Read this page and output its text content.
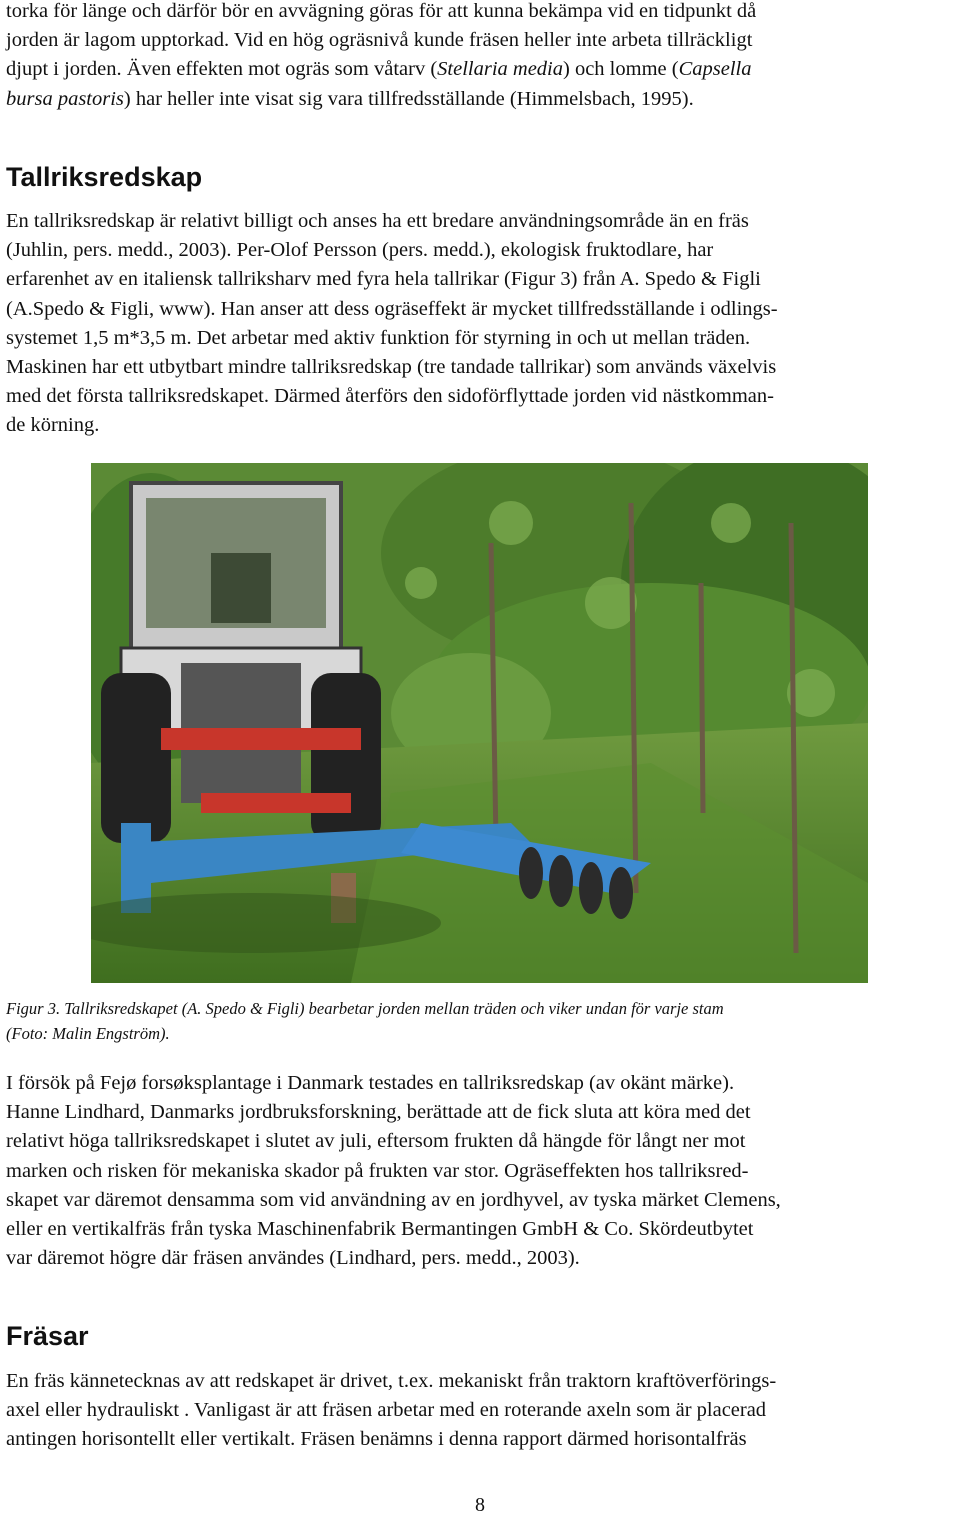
torka för länge och därför bör en avvägning göras för att kunna bekämpa vid en tidpunkt då
jorden är lagom upptorkad. Vid en hög ogräsnivå kunde fräsen heller inte arbeta tillräckligt
djupt i jorden. Även effekten mot ogräs som våtarv (Stellaria media) och lomme (Capsella
bursa pastoris) har heller inte visat sig vara tillfredsställande (Himmelsbach, 1995).
Tallriksredskap
En tallriksredskap är relativt billigt och anses ha ett bredare användningsområde än en fräs
(Juhlin, pers. medd., 2003). Per-Olof Persson (pers. medd.), ekologisk fruktodlare, har
erfarenhet av en italiensk tallriksharv med fyra hela tallrikar (Figur 3) från A. Spedo & Figli
(A.Spedo & Figli, www). Han anser att dess ogräseffekt är mycket tillfredsställande i odlings-
systemet 1,5 m*3,5 m. Det arbetar med aktiv funktion för styrning in och ut mellan träden.
Maskinen har ett utbytbart mindre tallriksredskap (tre tandade tallrikar) som används växelvis
med det första tallriksredskapet. Därmed återförs den sidoförflyttade jorden vid nästkomman-
de körning.
Figur 3. Tallriksredskapet (A. Spedo & Figli) bearbetar jorden mellan träden och viker undan för varje stam
(Foto: Malin Engström).
I försök på Fejø forsøksplantage i Danmark testades en tallriksredskap (av okänt märke).
Hanne Lindhard, Danmarks jordbruksforskning, berättade att de fick sluta att köra med det
relativt höga tallriksredskapet i slutet av juli, eftersom frukten då hängde för långt ner mot
marken och risken för mekaniska skador på frukten var stor. Ogräseffekten hos tallriksred-
skapet var däremot densamma som vid användning av en jordhyvel, av tyska märket Clemens,
eller en vertikalfräs från tyska Maschinenfabrik Bermantingen GmbH & Co. Skördeutbytet
var däremot högre där fräsen användes (Lindhard, pers. medd., 2003).
Fräsar
En fräs kännetecknas av att redskapet är drivet, t.ex. mekaniskt från traktorn kraftöverförings-
axel eller hydrauliskt . Vanligast är att fräsen arbetar med en roterande axeln som är placerad
antingen horisontellt eller vertikalt. Fräsen benämns i denna rapport därmed horisontalfräs
8
